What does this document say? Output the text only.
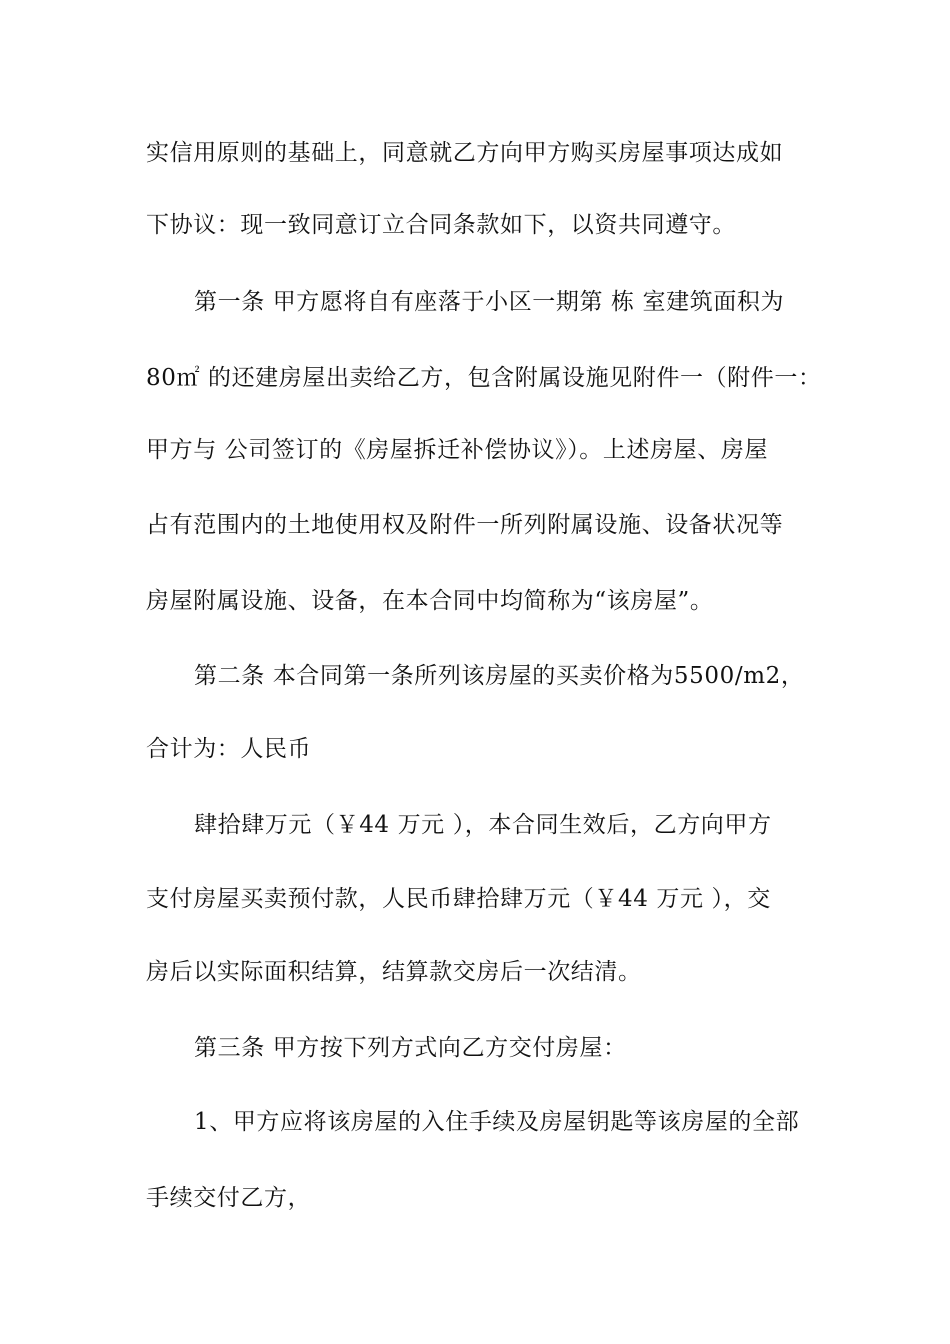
实信用原则的基础上，同意就乙方向甲方购买房屋事项达成如
下协议：现一致同意订立合同条款如下，以资共同遵守。
第一条 甲方愿将自有座落于小区一期第 栋 室建筑面积为
80㎡ 的还建房屋出卖给乙方，包含附属设施见附件一（附件一：
甲方与 公司签订的《房屋拆迁补偿协议》）。上述房屋、房屋
占有范围内的土地使用权及附件一所列附属设施、设备状况等
房屋附属设施、设备，在本合同中均简称为“该房屋”。
第二条 本合同第一条所列该房屋的买卖价格为5500/m2，
合计为：人民币
肆拾肆万元（￥44 万元 ），本合同生效后，乙方向甲方
支付房屋买卖预付款，人民币肆拾肆万元（￥44 万元 ），交
房后以实际面积结算，结算款交房后一次结清。
第三条 甲方按下列方式向乙方交付房屋：
1、甲方应将该房屋的入住手续及房屋钥匙等该房屋的全部
手续交付乙方，
